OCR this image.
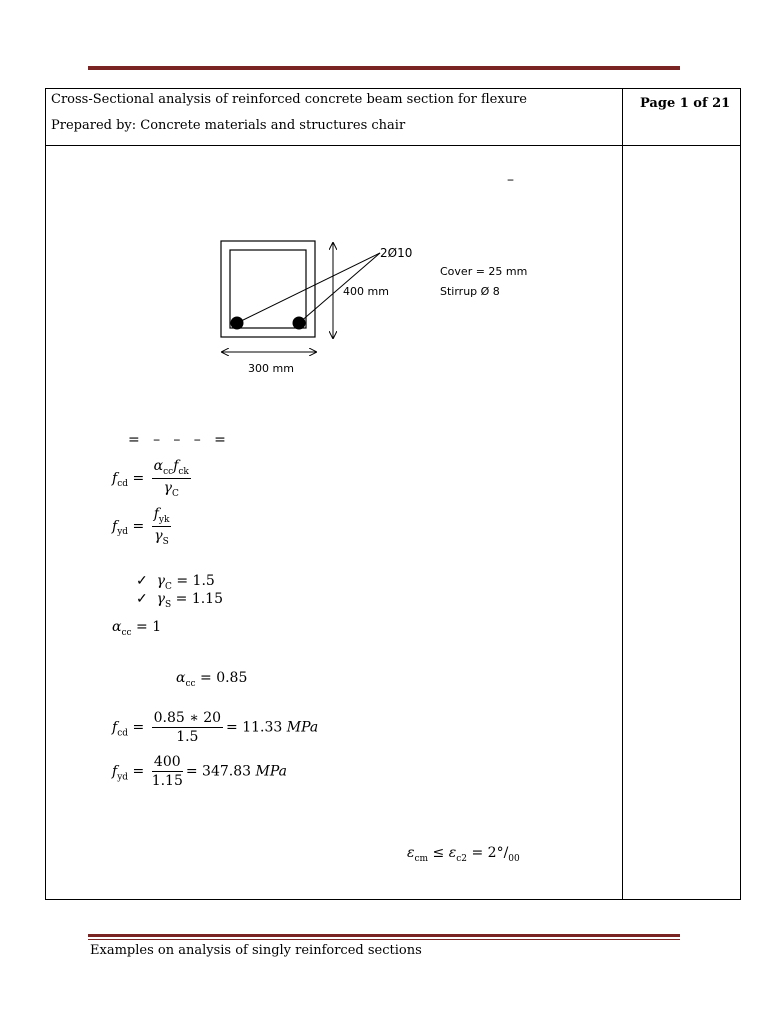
Cross-Sectional analysis of reinforced concrete beam section for flexure
Prepared by: Concrete materials and structures chair
Page 1 of 21
–
=   –   –   –   =
2Ø10
400 mm
300 mm
Cover = 25 mm
Stirrup Ø 8
$f_{cd} = \frac{\alpha_{cc}f_{ck}}{\gamma_C}$
$f_{yd} = \frac{f_{yk}}{\gamma_S}$
✓ $\gamma_C = 1.5$
✓ $\gamma_S = 1.15$
$\alpha_{cc} = 1$
$\alpha_{cc} = 0.85$
$f_{cd} = \frac{0.85 ∗ 20}{1.5} = 11.33$ MPa
$f_{yd} = \frac{400}{1.15} = 347.83$ MPa
$\varepsilon_{cm} \le \varepsilon_{c2} = 2^\circ/_{00}$
Examples on analysis of singly reinforced sections
